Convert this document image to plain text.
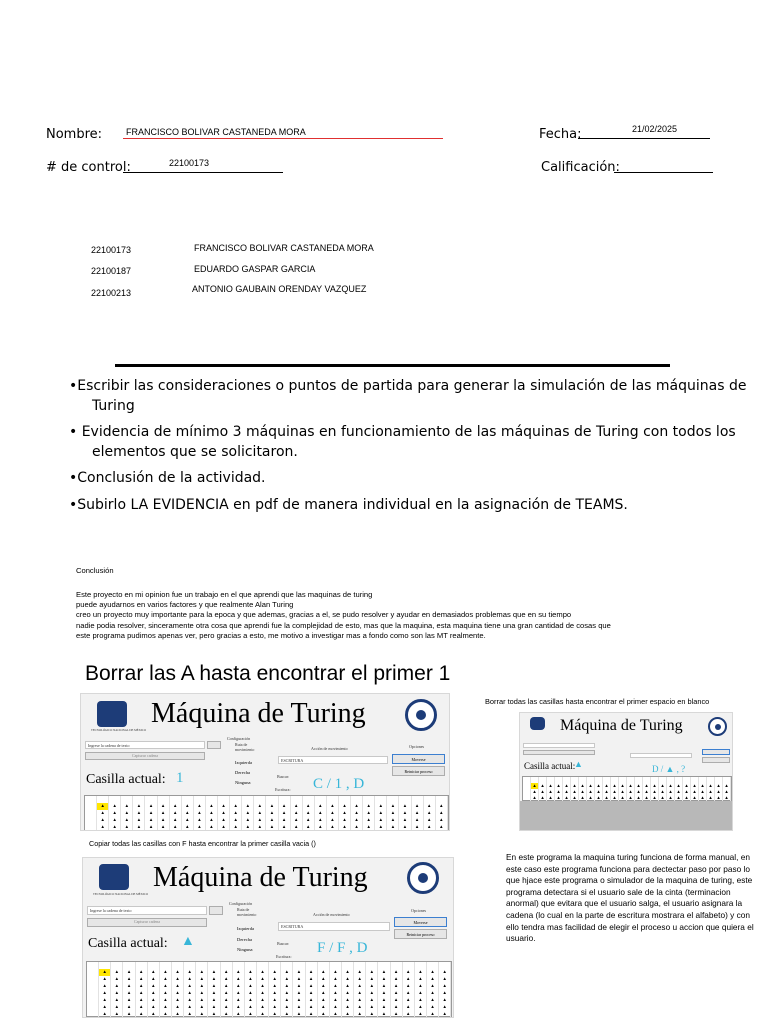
Nombre:	FRANCISCO BOLIVAR CASTANEDA MORA	Fecha:	21/02/2025
# de control:	22100173	Calificación:
22100173	FRANCISCO BOLIVAR CASTANEDA MORA
22100187	EDUARDO GASPAR GARCIA
22100213	ANTONIO GAUBAIN ORENDAY VAZQUEZ
•Escribir las consideraciones o puntos de partida para generar la simulación de las máquinas de
Turing
• Evidencia de mínimo 3 máquinas en funcionamiento de las máquinas de Turing con todos los
elementos que se solicitaron.
•Conclusión de la actividad.
•Subirlo LA EVIDENCIA en pdf de manera individual en la asignación de TEAMS.
Conclusión
Este proyecto en mi opinion fue un trabajo en el que aprendi que las maquinas de turing
puede ayudarnos en varios factores y que realmente Alan Turing
creo un proyecto muy importante para la epoca y que ademas, gracias a el, se pudo resolver y ayudar en demasiados problemas que en su tiempo
nadie podia resolver, sinceramente otra cosa que aprendi fue la complejidad de esto, mas que la maquina, esta maquina tiene una gran cantidad de cosas que
este programa pudimos apenas ver, pero gracias a esto, me motivo a investigar mas a fondo como son las MT realmente.
Borrar las A hasta encontrar el primer 1
TECNOLÓGICO NACIONAL DE MÉXICO
Máquina de Turing
Ingrese la cadena de texto
Capturar cadena
Casilla actual: 1
Configuración
Ruta de movimiento	Acción de movimiento
ESCRITURA
Izquierda
Derecha
Ninguna
Buscar:
Escritura: C / 1 , D
Opciones
Moverse
Reiniciar proceso
▲	▲	▲	▲	▲	▲	▲	▲	▲	▲	▲	▲	▲	▲	▲	▲	▲	▲	▲	▲	▲	▲	▲	▲	▲	▲	▲	▲	▲
▲	▲	▲	▲	▲	▲	▲	▲	▲	▲	▲	▲	▲	▲	▲	▲	▲	▲	▲	▲	▲	▲	▲	▲	▲	▲	▲	▲	▲
▲	▲	▲	▲	▲	▲	▲	▲	▲	▲	▲	▲	▲	▲	▲	▲	▲	▲	▲	▲	▲	▲	▲	▲	▲	▲	▲	▲	▲
▲	▲	▲	▲	▲	▲	▲	▲	▲	▲	▲	▲	▲	▲	▲	▲	▲	▲	▲	▲	▲	▲	▲	▲	▲	▲	▲	▲	▲
Borrar todas las casillas hasta encontrar el primer espacio en blanco
Máquina de Turing
Casilla actual:
▲	D / ▲ , ?
▲ ▲ ▲ ▲ ▲ ▲ ▲ ▲ ▲ ▲ ▲ ▲ ▲ ▲ ▲ ▲ ▲ ▲ ▲ ▲ ▲ ▲ ▲ ▲ ▲
▲ ▲ ▲ ▲ ▲ ▲ ▲ ▲ ▲ ▲ ▲ ▲ ▲ ▲ ▲ ▲ ▲ ▲ ▲ ▲ ▲ ▲ ▲ ▲ ▲
▲ ▲ ▲ ▲ ▲ ▲ ▲ ▲ ▲ ▲ ▲ ▲ ▲ ▲ ▲ ▲ ▲ ▲ ▲ ▲ ▲ ▲ ▲ ▲ ▲
Copiar todas las casillas con F hasta encontrar la primer casilla vacia ()
TECNOLÓGICO NACIONAL DE MÉXICO
Máquina de Turing
Ingrese la cadena de texto
Capturar cadena
Casilla actual: ▲
Configuración
Ruta de movimiento	Acción de movimiento
ESCRITURA
Izquierda
Derecha
Ninguna
Buscar:
Escritura:
F / F , D
Opciones
Moverse
Reiniciar proceso
▲	▲	▲	▲	▲	▲	▲	▲	▲	▲	▲	▲	▲	▲	▲	▲	▲	▲	▲	▲	▲	▲	▲	▲	▲	▲	▲	▲	▲
▲	▲	▲	▲	▲	▲	▲	▲	▲	▲	▲	▲	▲	▲	▲	▲	▲	▲	▲	▲	▲	▲	▲	▲	▲	▲	▲	▲	▲
▲	▲	▲	▲	▲	▲	▲	▲	▲	▲	▲	▲	▲	▲	▲	▲	▲	▲	▲	▲	▲	▲	▲	▲	▲	▲	▲	▲	▲
▲	▲	▲	▲	▲	▲	▲	▲	▲	▲	▲	▲	▲	▲	▲	▲	▲	▲	▲	▲	▲	▲	▲	▲	▲	▲	▲	▲	▲
▲	▲	▲	▲	▲	▲	▲	▲	▲	▲	▲	▲	▲	▲	▲	▲	▲	▲	▲	▲	▲	▲	▲	▲	▲	▲	▲	▲	▲
▲	▲	▲	▲	▲	▲	▲	▲	▲	▲	▲	▲	▲	▲	▲	▲	▲	▲	▲	▲	▲	▲	▲	▲	▲	▲	▲	▲	▲
▲	▲	▲	▲	▲	▲	▲	▲	▲	▲	▲	▲	▲	▲	▲	▲	▲	▲	▲	▲	▲	▲	▲	▲	▲	▲	▲	▲	▲
En este programa la maquina turing funciona de forma manual, en este caso este programa funciona para dectectar paso por paso lo que hjace este programa o simulador de la maquina de turing, este programa detectara si el usuario sale de la cinta (terminacion anormal) que evitara que el usuario salga, el usuario asignara la cadena (lo cual en la parte de escritura mostrara el alfabeto) y con ello tendra mas facilidad de elegir el proceso u accion que quiera el usuario.
